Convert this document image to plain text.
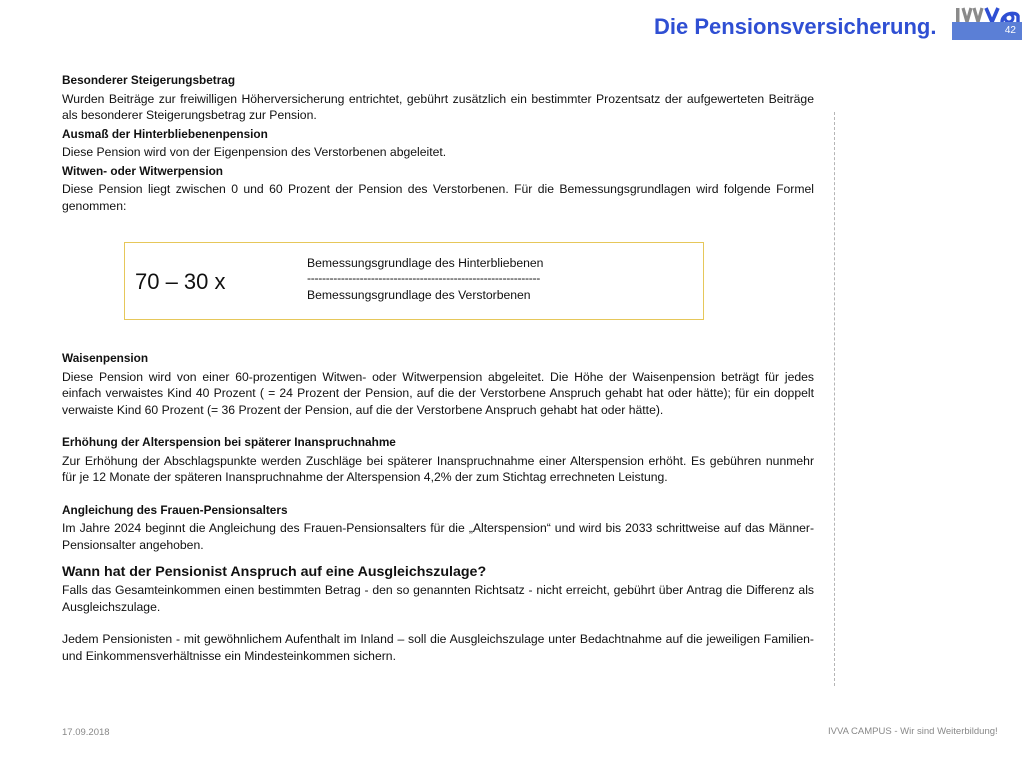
Die Pensionsversicherung.	42

Besonderer Steigerungsbetrag

Wurden Beiträge zur freiwilligen Höherversicherung entrichtet, gebührt zusätzlich ein bestimmter Prozentsatz der aufgewerteten Beiträge als besonderer Steigerungsbetrag zur Pension.

Ausmaß der Hinterbliebenenpension

Diese Pension wird von der Eigenpension des Verstorbenen abgeleitet.

Witwen- oder Witwerpension

Diese Pension liegt zwischen 0 und 60 Prozent der Pension des Verstorbenen. Für die Bemessungsgrundlagen wird folgende Formel genommen:

70 – 30 x
Bemessungsgrundlage des Hinterbliebenen
--------------------------------------------------------------
Bemessungsgrundlage des Verstorbenen

Waisenpension

Diese Pension wird von einer 60-prozentigen Witwen- oder Witwerpension abgeleitet. Die Höhe der Waisenpension beträgt für jedes einfach verwaistes Kind 40 Prozent ( = 24 Prozent der Pension, auf die der Verstorbene Anspruch gehabt hat oder hätte); für ein doppelt verwaiste Kind 60 Prozent (= 36 Prozent der Pension, auf die der Verstorbene Anspruch gehabt hat oder hätte).

Erhöhung der Alterspension bei späterer Inanspruchnahme

Zur Erhöhung der Abschlagspunkte werden Zuschläge bei späterer Inanspruchnahme einer Alterspension erhöht. Es gebühren nunmehr für je 12 Monate der späteren Inanspruchnahme der Alterspension 4,2% der zum Stichtag errechneten Leistung.

Angleichung des Frauen-Pensionsalters

Im Jahre 2024 beginnt die Angleichung des Frauen-Pensionsalters für die „Alterspension“ und wird bis 2033 schrittweise auf das Männer-Pensionsalter angehoben.

Wann hat der Pensionist Anspruch auf eine Ausgleichszulage?

Falls das Gesamteinkommen einen bestimmten Betrag - den so genannten Richtsatz - nicht erreicht, gebührt über Antrag die Differenz als Ausgleichszulage.

Jedem Pensionisten - mit gewöhnlichem Aufenthalt im Inland – soll die Ausgleichszulage unter Bedachtnahme auf die jeweiligen Familien- und Einkommensverhältnisse ein Mindesteinkommen sichern.

17.09.2018	IVVA CAMPUS - Wir sind Weiterbildung!
